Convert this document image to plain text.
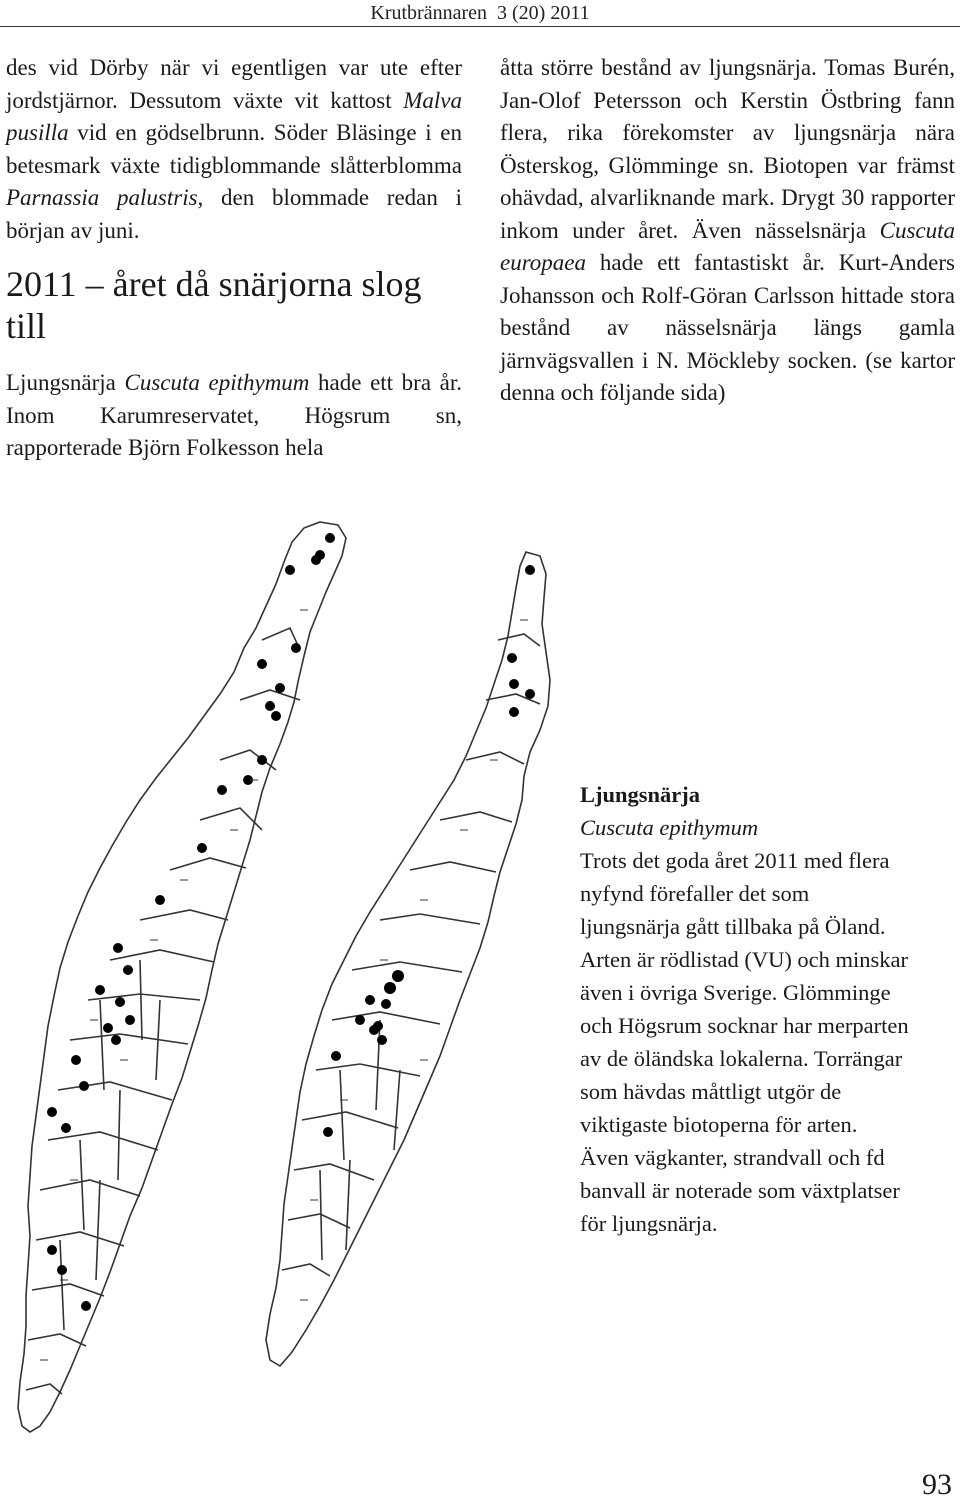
Krutbrännaren 3 (20) 2011

des vid Dörby när vi egentligen var ute efter jordstjärnor. Dessutom växte vit kattost Malva pusilla vid en gödselbrunn. Söder Bläsinge i en betesmark växte tidigblommande slåtterblomma Parnassia palustris, den blommade redan i början av juni.

2011 – året då snärjorna slog till

Ljungsnärja Cuscuta epithymum hade ett bra år. Inom Karumreservatet, Högsrum sn, rapporterade Björn Folkesson hela

åtta större bestånd av ljungsnärja. Tomas Burén, Jan-Olof Petersson och Kerstin Östbring fann flera, rika förekomster av ljungsnärja nära Österskog, Glömminge sn. Biotopen var främst ohävdad, alvarliknande mark. Drygt 30 rapporter inkom under året. Även nässelsnärja Cuscuta europaea hade ett fantastiskt år. Kurt-Anders Johansson och Rolf-Göran Carlsson hittade stora bestånd av nässelsnärja längs gamla järnvägsvallen i N. Möckleby socken. (se kartor denna och följande sida)

Ljungsnärja
Cuscuta epithymum
Trots det goda året 2011 med flera nyfynd förefaller det som ljungsnärja gått tillbaka på Öland. Arten är rödlistad (VU) och minskar även i övriga Sverige. Glömminge och Högsrum socknar har merparten av de öländska lokalerna. Torrängar som hävdas måttligt utgör de viktigaste biotoperna för arten. Även vägkanter, strandvall och fd banvall är noterade som växtplatser för ljungsnärja.
93
